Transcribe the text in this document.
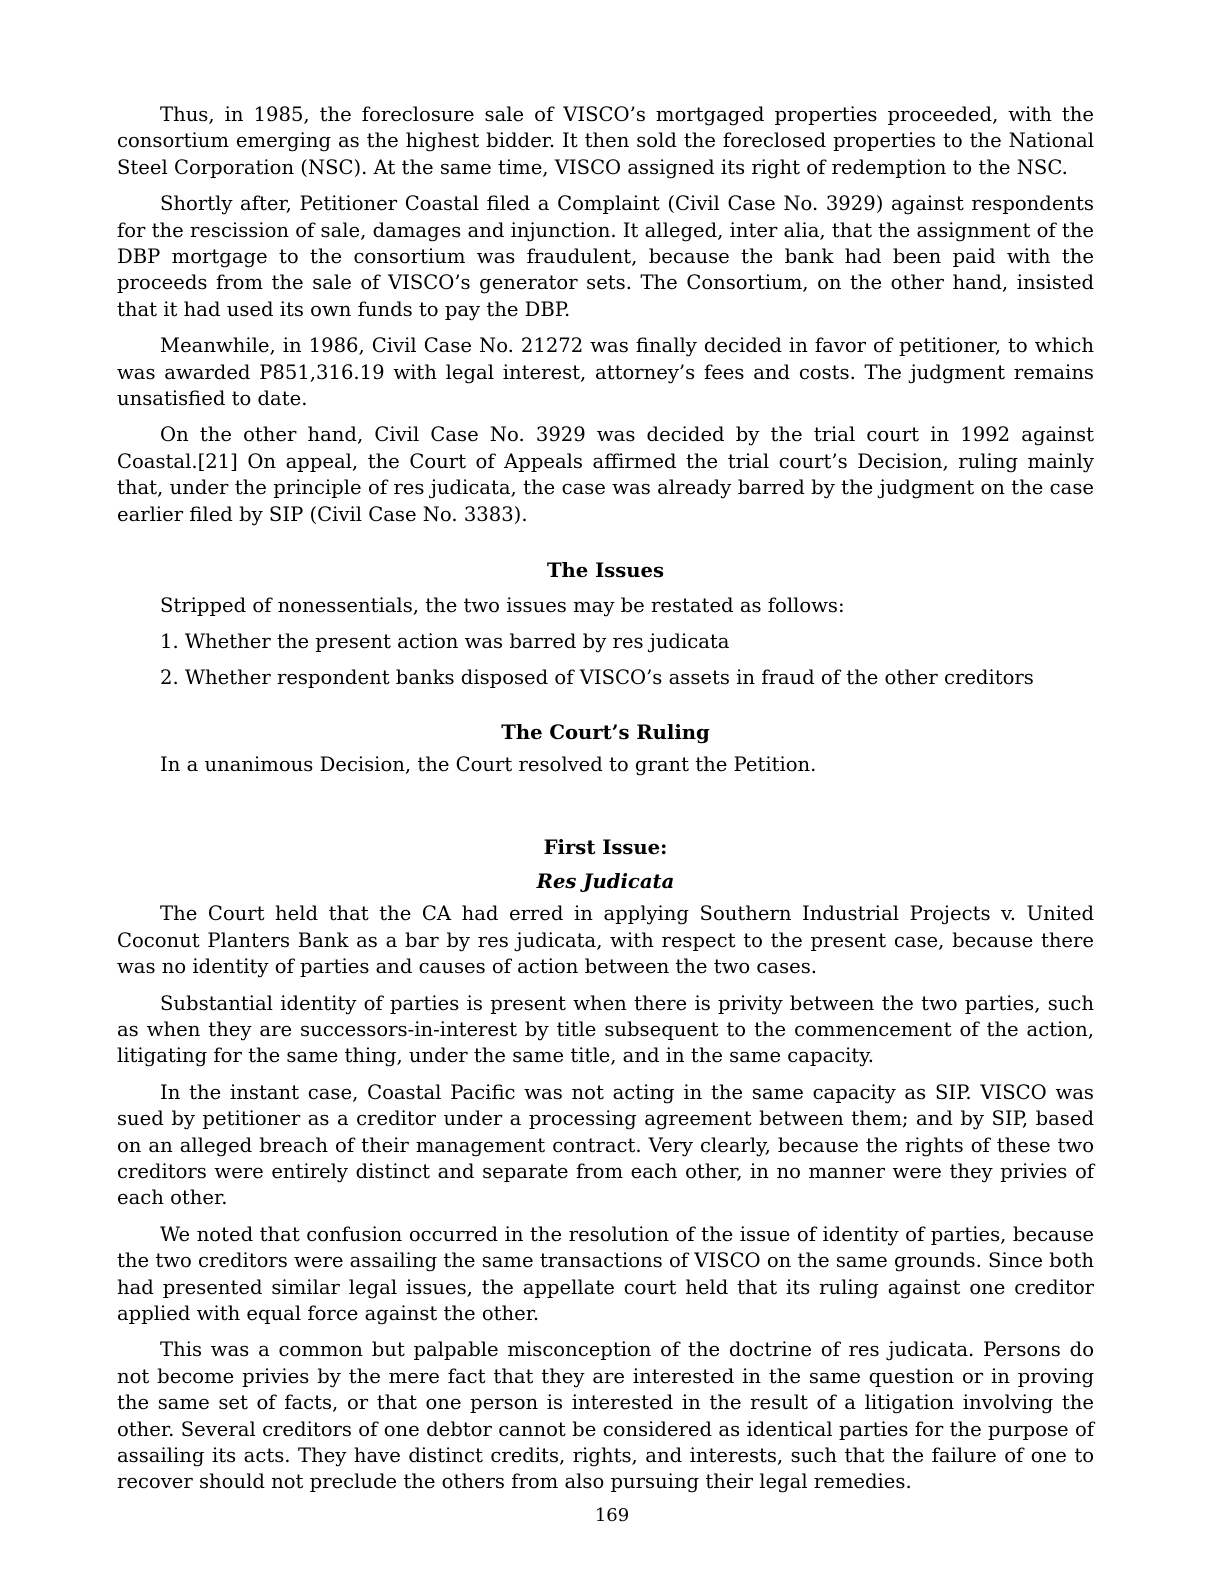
Thus, in 1985, the foreclosure sale of VISCO’s mortgaged properties proceeded, with the consortium emerging as the highest bidder. It then sold the foreclosed properties to the National Steel Corporation (NSC). At the same time, VISCO assigned its right of redemption to the NSC.

Shortly after, Petitioner Coastal filed a Complaint (Civil Case No. 3929) against respondents for the rescission of sale, damages and injunction. It alleged, inter alia, that the assignment of the DBP mortgage to the consortium was fraudulent, because the bank had been paid with the proceeds from the sale of VISCO’s generator sets. The Consortium, on the other hand, insisted that it had used its own funds to pay the DBP.

Meanwhile, in 1986, Civil Case No. 21272 was finally decided in favor of petitioner, to which was awarded P851,316.19 with legal interest, attorney’s fees and costs. The judgment remains unsatisfied to date.

On the other hand, Civil Case No. 3929 was decided by the trial court in 1992 against Coastal.[21] On appeal, the Court of Appeals affirmed the trial court’s Decision, ruling mainly that, under the principle of res judicata, the case was already barred by the judgment on the case earlier filed by SIP (Civil Case No. 3383).

The Issues

Stripped of nonessentials, the two issues may be restated as follows:

1. Whether the present action was barred by res judicata

2. Whether respondent banks disposed of VISCO’s assets in fraud of the other creditors

The Court’s Ruling

In a unanimous Decision, the Court resolved to grant the Petition.

First Issue:

Res Judicata

The Court held that the CA had erred in applying Southern Industrial Projects v. United Coconut Planters Bank as a bar by res judicata, with respect to the present case, because there was no identity of parties and causes of action between the two cases.

Substantial identity of parties is present when there is privity between the two parties, such as when they are successors-in-interest by title subsequent to the commencement of the action, litigating for the same thing, under the same title, and in the same capacity.

In the instant case, Coastal Pacific was not acting in the same capacity as SIP. VISCO was sued by petitioner as a creditor under a processing agreement between them; and by SIP, based on an alleged breach of their management contract. Very clearly, because the rights of these two creditors were entirely distinct and separate from each other, in no manner were they privies of each other.

We noted that confusion occurred in the resolution of the issue of identity of parties, because the two creditors were assailing the same transactions of VISCO on the same grounds. Since both had presented similar legal issues, the appellate court held that its ruling against one creditor applied with equal force against the other.

This was a common but palpable misconception of the doctrine of res judicata. Persons do not become privies by the mere fact that they are interested in the same question or in proving the same set of facts, or that one person is interested in the result of a litigation involving the other. Several creditors of one debtor cannot be considered as identical parties for the purpose of assailing its acts. They have distinct credits, rights, and interests, such that the failure of one to recover should not preclude the others from also pursuing their legal remedies.

169
